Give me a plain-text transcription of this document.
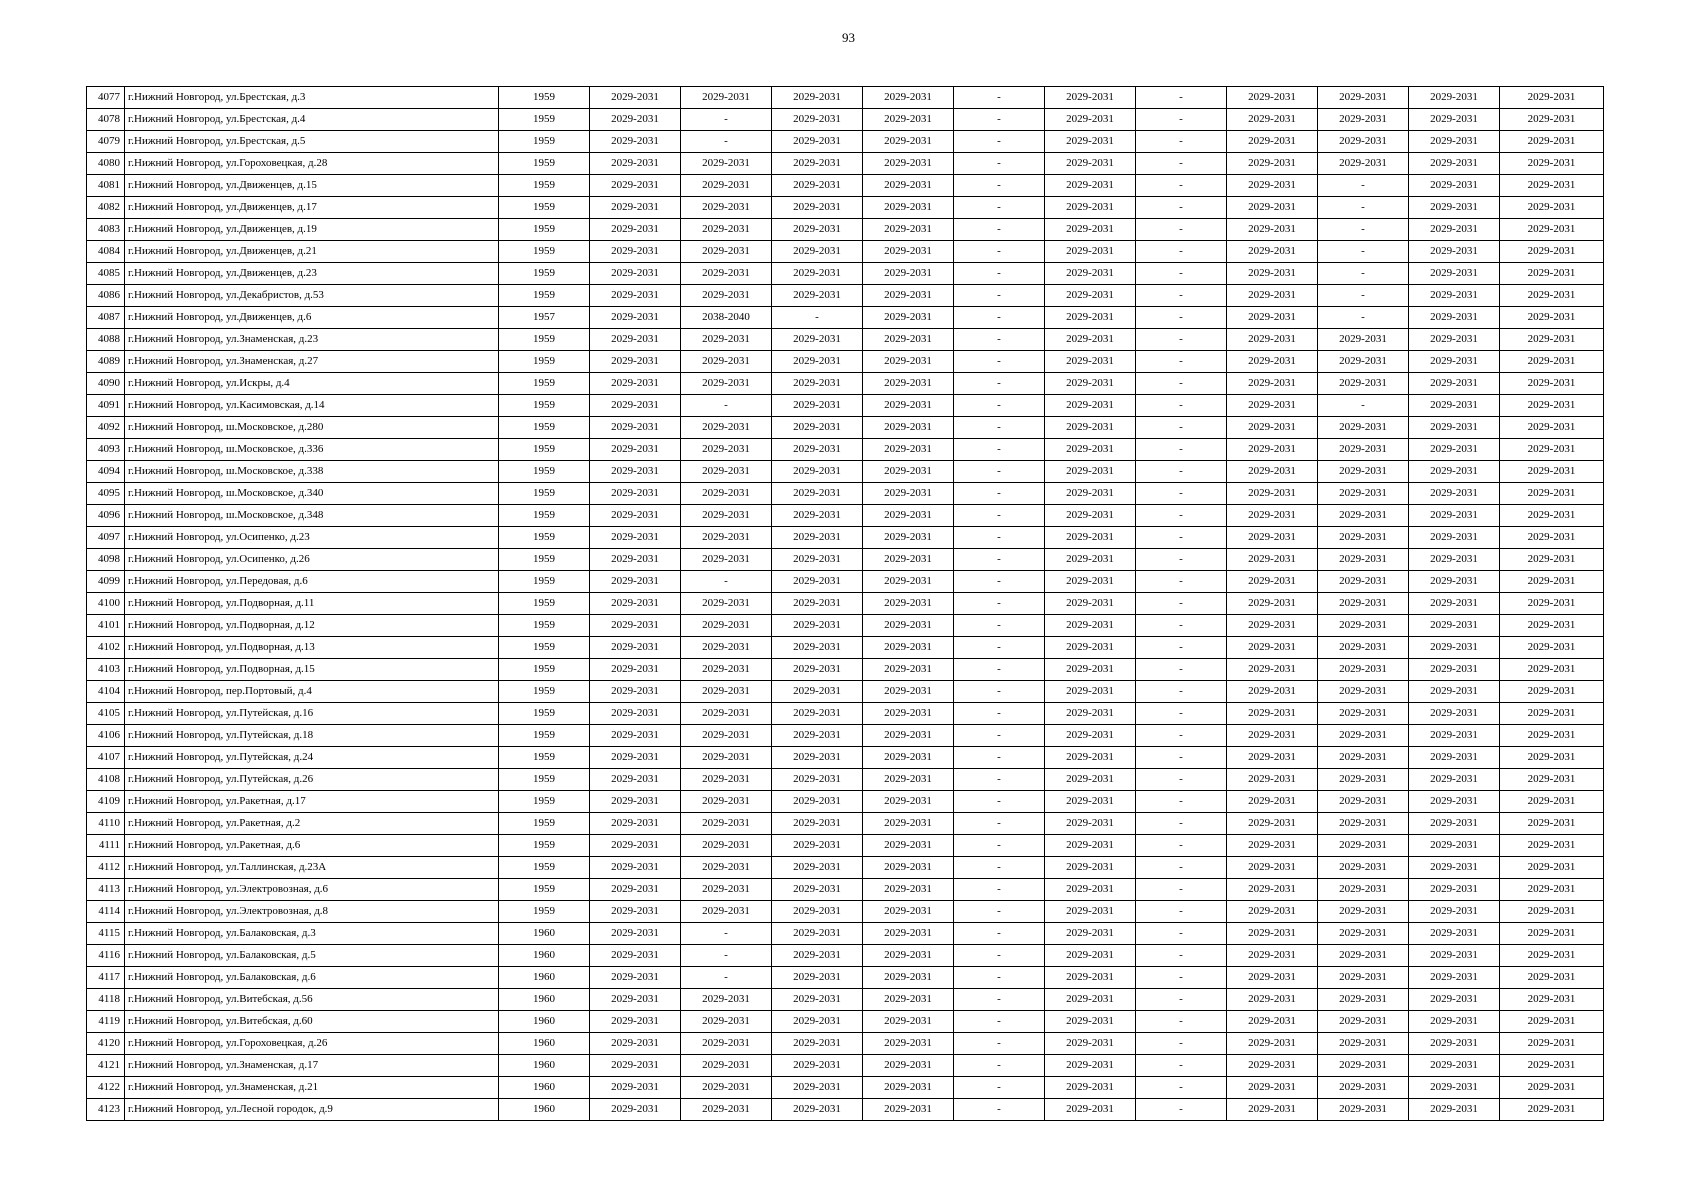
93
4077	г.Нижний Новгород, ул.Брестская, д.3	1959	2029-2031	2029-2031	2029-2031	2029-2031	-	2029-2031	-	2029-2031	2029-2031	2029-2031	2029-2031
4078	г.Нижний Новгород, ул.Брестская, д.4	1959	2029-2031	-	2029-2031	2029-2031	-	2029-2031	-	2029-2031	2029-2031	2029-2031	2029-2031
4079	г.Нижний Новгород, ул.Брестская, д.5	1959	2029-2031	-	2029-2031	2029-2031	-	2029-2031	-	2029-2031	2029-2031	2029-2031	2029-2031
4080	г.Нижний Новгород, ул.Гороховецкая, д.28	1959	2029-2031	2029-2031	2029-2031	2029-2031	-	2029-2031	-	2029-2031	2029-2031	2029-2031	2029-2031
4081	г.Нижний Новгород, ул.Движенцев, д.15	1959	2029-2031	2029-2031	2029-2031	2029-2031	-	2029-2031	-	2029-2031	-	2029-2031	2029-2031
4082	г.Нижний Новгород, ул.Движенцев, д.17	1959	2029-2031	2029-2031	2029-2031	2029-2031	-	2029-2031	-	2029-2031	-	2029-2031	2029-2031
4083	г.Нижний Новгород, ул.Движенцев, д.19	1959	2029-2031	2029-2031	2029-2031	2029-2031	-	2029-2031	-	2029-2031	-	2029-2031	2029-2031
4084	г.Нижний Новгород, ул.Движенцев, д.21	1959	2029-2031	2029-2031	2029-2031	2029-2031	-	2029-2031	-	2029-2031	-	2029-2031	2029-2031
4085	г.Нижний Новгород, ул.Движенцев, д.23	1959	2029-2031	2029-2031	2029-2031	2029-2031	-	2029-2031	-	2029-2031	-	2029-2031	2029-2031
4086	г.Нижний Новгород, ул.Декабристов, д.53	1959	2029-2031	2029-2031	2029-2031	2029-2031	-	2029-2031	-	2029-2031	-	2029-2031	2029-2031
4087	г.Нижний Новгород, ул.Движенцев, д.6	1957	2029-2031	2038-2040	-	2029-2031	-	2029-2031	-	2029-2031	-	2029-2031	2029-2031
4088	г.Нижний Новгород, ул.Знаменская, д.23	1959	2029-2031	2029-2031	2029-2031	2029-2031	-	2029-2031	-	2029-2031	2029-2031	2029-2031	2029-2031
4089	г.Нижний Новгород, ул.Знаменская, д.27	1959	2029-2031	2029-2031	2029-2031	2029-2031	-	2029-2031	-	2029-2031	2029-2031	2029-2031	2029-2031
4090	г.Нижний Новгород, ул.Искры, д.4	1959	2029-2031	2029-2031	2029-2031	2029-2031	-	2029-2031	-	2029-2031	2029-2031	2029-2031	2029-2031
4091	г.Нижний Новгород, ул.Касимовская, д.14	1959	2029-2031	-	2029-2031	2029-2031	-	2029-2031	-	2029-2031	-	2029-2031	2029-2031
4092	г.Нижний Новгород, ш.Московское, д.280	1959	2029-2031	2029-2031	2029-2031	2029-2031	-	2029-2031	-	2029-2031	2029-2031	2029-2031	2029-2031
4093	г.Нижний Новгород, ш.Московское, д.336	1959	2029-2031	2029-2031	2029-2031	2029-2031	-	2029-2031	-	2029-2031	2029-2031	2029-2031	2029-2031
4094	г.Нижний Новгород, ш.Московское, д.338	1959	2029-2031	2029-2031	2029-2031	2029-2031	-	2029-2031	-	2029-2031	2029-2031	2029-2031	2029-2031
4095	г.Нижний Новгород, ш.Московское, д.340	1959	2029-2031	2029-2031	2029-2031	2029-2031	-	2029-2031	-	2029-2031	2029-2031	2029-2031	2029-2031
4096	г.Нижний Новгород, ш.Московское, д.348	1959	2029-2031	2029-2031	2029-2031	2029-2031	-	2029-2031	-	2029-2031	2029-2031	2029-2031	2029-2031
4097	г.Нижний Новгород, ул.Осипенко, д.23	1959	2029-2031	2029-2031	2029-2031	2029-2031	-	2029-2031	-	2029-2031	2029-2031	2029-2031	2029-2031
4098	г.Нижний Новгород, ул.Осипенко, д.26	1959	2029-2031	2029-2031	2029-2031	2029-2031	-	2029-2031	-	2029-2031	2029-2031	2029-2031	2029-2031
4099	г.Нижний Новгород, ул.Передовая, д.6	1959	2029-2031	-	2029-2031	2029-2031	-	2029-2031	-	2029-2031	2029-2031	2029-2031	2029-2031
4100	г.Нижний Новгород, ул.Подворная, д.11	1959	2029-2031	2029-2031	2029-2031	2029-2031	-	2029-2031	-	2029-2031	2029-2031	2029-2031	2029-2031
4101	г.Нижний Новгород, ул.Подворная, д.12	1959	2029-2031	2029-2031	2029-2031	2029-2031	-	2029-2031	-	2029-2031	2029-2031	2029-2031	2029-2031
4102	г.Нижний Новгород, ул.Подворная, д.13	1959	2029-2031	2029-2031	2029-2031	2029-2031	-	2029-2031	-	2029-2031	2029-2031	2029-2031	2029-2031
4103	г.Нижний Новгород, ул.Подворная, д.15	1959	2029-2031	2029-2031	2029-2031	2029-2031	-	2029-2031	-	2029-2031	2029-2031	2029-2031	2029-2031
4104	г.Нижний Новгород, пер.Портовый, д.4	1959	2029-2031	2029-2031	2029-2031	2029-2031	-	2029-2031	-	2029-2031	2029-2031	2029-2031	2029-2031
4105	г.Нижний Новгород, ул.Путейская, д.16	1959	2029-2031	2029-2031	2029-2031	2029-2031	-	2029-2031	-	2029-2031	2029-2031	2029-2031	2029-2031
4106	г.Нижний Новгород, ул.Путейская, д.18	1959	2029-2031	2029-2031	2029-2031	2029-2031	-	2029-2031	-	2029-2031	2029-2031	2029-2031	2029-2031
4107	г.Нижний Новгород, ул.Путейская, д.24	1959	2029-2031	2029-2031	2029-2031	2029-2031	-	2029-2031	-	2029-2031	2029-2031	2029-2031	2029-2031
4108	г.Нижний Новгород, ул.Путейская, д.26	1959	2029-2031	2029-2031	2029-2031	2029-2031	-	2029-2031	-	2029-2031	2029-2031	2029-2031	2029-2031
4109	г.Нижний Новгород, ул.Ракетная, д.17	1959	2029-2031	2029-2031	2029-2031	2029-2031	-	2029-2031	-	2029-2031	2029-2031	2029-2031	2029-2031
4110	г.Нижний Новгород, ул.Ракетная, д.2	1959	2029-2031	2029-2031	2029-2031	2029-2031	-	2029-2031	-	2029-2031	2029-2031	2029-2031	2029-2031
4111	г.Нижний Новгород, ул.Ракетная, д.6	1959	2029-2031	2029-2031	2029-2031	2029-2031	-	2029-2031	-	2029-2031	2029-2031	2029-2031	2029-2031
4112	г.Нижний Новгород, ул.Таллинская, д.23А	1959	2029-2031	2029-2031	2029-2031	2029-2031	-	2029-2031	-	2029-2031	2029-2031	2029-2031	2029-2031
4113	г.Нижний Новгород, ул.Электровозная, д.6	1959	2029-2031	2029-2031	2029-2031	2029-2031	-	2029-2031	-	2029-2031	2029-2031	2029-2031	2029-2031
4114	г.Нижний Новгород, ул.Электровозная, д.8	1959	2029-2031	2029-2031	2029-2031	2029-2031	-	2029-2031	-	2029-2031	2029-2031	2029-2031	2029-2031
4115	г.Нижний Новгород, ул.Балаковская, д.3	1960	2029-2031	-	2029-2031	2029-2031	-	2029-2031	-	2029-2031	2029-2031	2029-2031	2029-2031
4116	г.Нижний Новгород, ул.Балаковская, д.5	1960	2029-2031	-	2029-2031	2029-2031	-	2029-2031	-	2029-2031	2029-2031	2029-2031	2029-2031
4117	г.Нижний Новгород, ул.Балаковская, д.6	1960	2029-2031	-	2029-2031	2029-2031	-	2029-2031	-	2029-2031	2029-2031	2029-2031	2029-2031
4118	г.Нижний Новгород, ул.Витебская, д.56	1960	2029-2031	2029-2031	2029-2031	2029-2031	-	2029-2031	-	2029-2031	2029-2031	2029-2031	2029-2031
4119	г.Нижний Новгород, ул.Витебская, д.60	1960	2029-2031	2029-2031	2029-2031	2029-2031	-	2029-2031	-	2029-2031	2029-2031	2029-2031	2029-2031
4120	г.Нижний Новгород, ул.Гороховецкая, д.26	1960	2029-2031	2029-2031	2029-2031	2029-2031	-	2029-2031	-	2029-2031	2029-2031	2029-2031	2029-2031
4121	г.Нижний Новгород, ул.Знаменская, д.17	1960	2029-2031	2029-2031	2029-2031	2029-2031	-	2029-2031	-	2029-2031	2029-2031	2029-2031	2029-2031
4122	г.Нижний Новгород, ул.Знаменская, д.21	1960	2029-2031	2029-2031	2029-2031	2029-2031	-	2029-2031	-	2029-2031	2029-2031	2029-2031	2029-2031
4123	г.Нижний Новгород, ул.Лесной городок, д.9	1960	2029-2031	2029-2031	2029-2031	2029-2031	-	2029-2031	-	2029-2031	2029-2031	2029-2031	2029-2031
